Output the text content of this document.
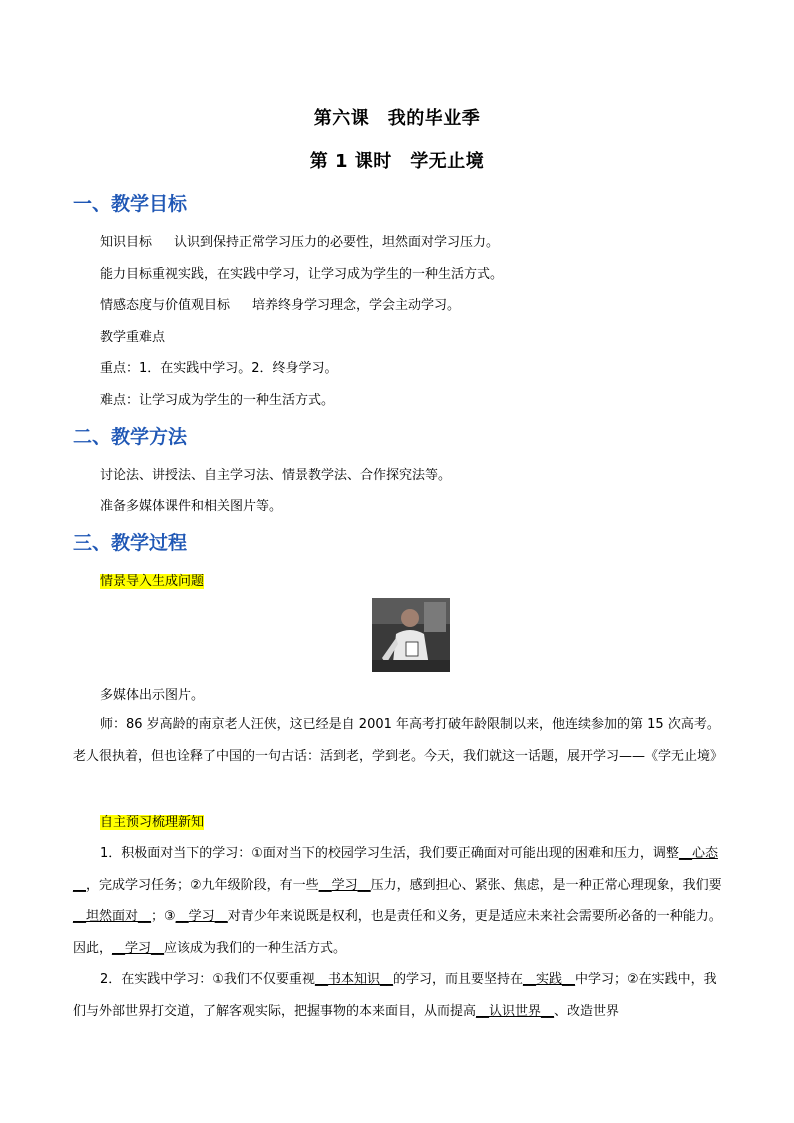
第六课　我的毕业季
第 1 课时　学无止境
一、教学目标
知识目标 认识到保持正常学习压力的必要性，坦然面对学习压力。
能力目标重视实践，在实践中学习，让学习成为学生的一种生活方式。
情感态度与价值观目标 培养终身学习理念，学会主动学习。
教学重难点
重点：1．在实践中学习。2．终身学习。
难点：让学习成为学生的一种生活方式。
二、教学方法
讨论法、讲授法、自主学习法、情景教学法、合作探究法等。
准备多媒体课件和相关图片等。
三、教学过程
情景导入生成问题
多媒体出示图片。
师：86 岁高龄的南京老人汪侠，这已经是自 2001 年高考打破年龄限制以来，他连续参加的第 15 次高考。老人很执着，但也诠释了中国的一句古话：活到老，学到老。今天，我们就这一话题，展开学习——《学无止境》
自主预习梳理新知
1．积极面对当下的学习：①面对当下的校园学习生活，我们要正确面对可能出现的困难和压力，调整__心态__，完成学习任务；②九年级阶段，有一些__学习__压力，感到担心、紧张、焦虑，是一种正常心理现象，我们要__坦然面对__；③__学习__对青少年来说既是权利，也是责任和义务，更是适应未来社会需要所必备的一种能力。因此，__学习__应该成为我们的一种生活方式。
2．在实践中学习：①我们不仅要重视__书本知识__的学习，而且要坚持在__实践__中学习；②在实践中，我们与外部世界打交道，了解客观实际，把握事物的本来面目，从而提高__认识世界__、改造世界
